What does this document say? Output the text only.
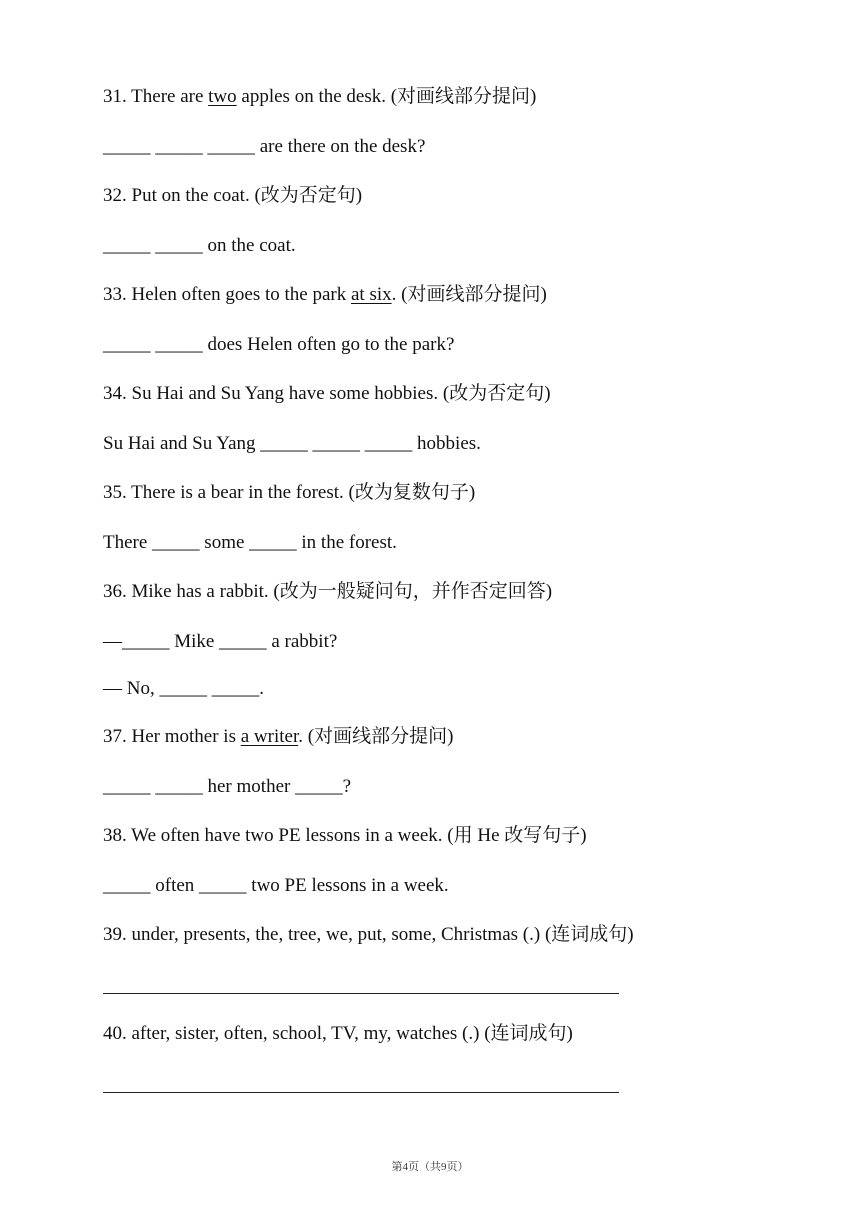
31. There are two apples on the desk. (对画线部分提问)
_____ _____ _____ are there on the desk?
32. Put on the coat. (改为否定句)
_____ _____ on the coat.
33. Helen often goes to the park at six. (对画线部分提问)
_____ _____ does Helen often go to the park?
34. Su Hai and Su Yang have some hobbies. (改为否定句)
Su Hai and Su Yang _____ _____ _____ hobbies.
35. There is a bear in the forest. (改为复数句子)
There _____ some _____ in the forest.
36. Mike has a rabbit. (改为一般疑问句，并作否定回答)
—_____ Mike _____ a rabbit?
— No, _____ _____.
37. Her mother is a writer. (对画线部分提问)
_____ _____ her mother _____?
38. We often have two PE lessons in a week. (用 He 改写句子)
_____ often _____ two PE lessons in a week.
39. under, presents, the, tree, we, put, some, Christmas (.) (连词成句)
40. after, sister, often, school, TV, my, watches (.) (连词成句)
第4页（共9页）
